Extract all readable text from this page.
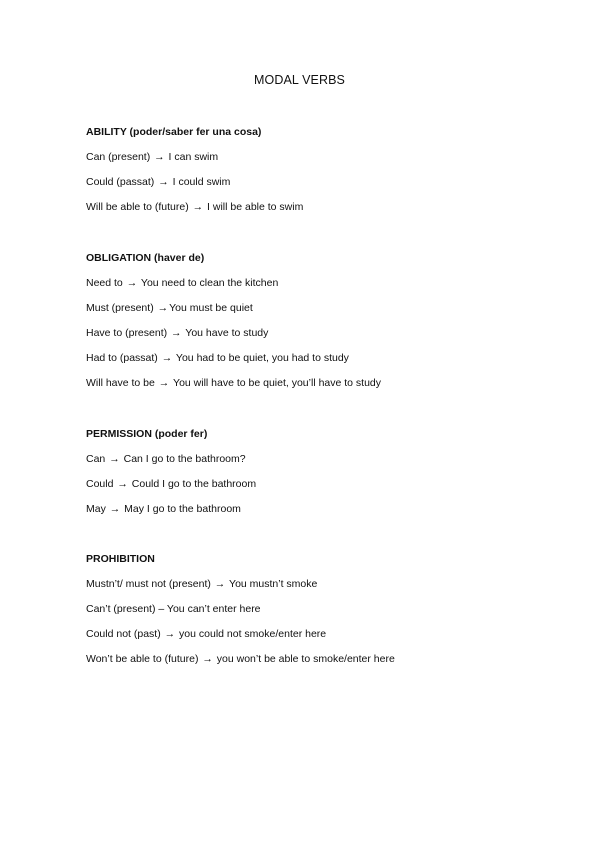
MODAL VERBS
ABILITY (poder/saber fer una cosa)
Can (present) → I can swim
Could (passat) → I could swim
Will be able to (future) → I will be able to swim
OBLIGATION (haver de)
Need to → You need to clean the kitchen
Must (present) →You must be quiet
Have to (present) → You have to study
Had to (passat) → You had to be quiet, you had to study
Will have to be → You will have to be quiet, you’ll have to study
PERMISSION (poder fer)
Can → Can I go to the bathroom?
Could → Could I go to the bathroom
May → May I go to the bathroom
PROHIBITION
Mustn’t/ must not (present) → You mustn’t smoke
Can’t (present) – You can’t enter here
Could not (past) → you could not smoke/enter here
Won’t be able to (future) → you won’t be able to smoke/enter here
